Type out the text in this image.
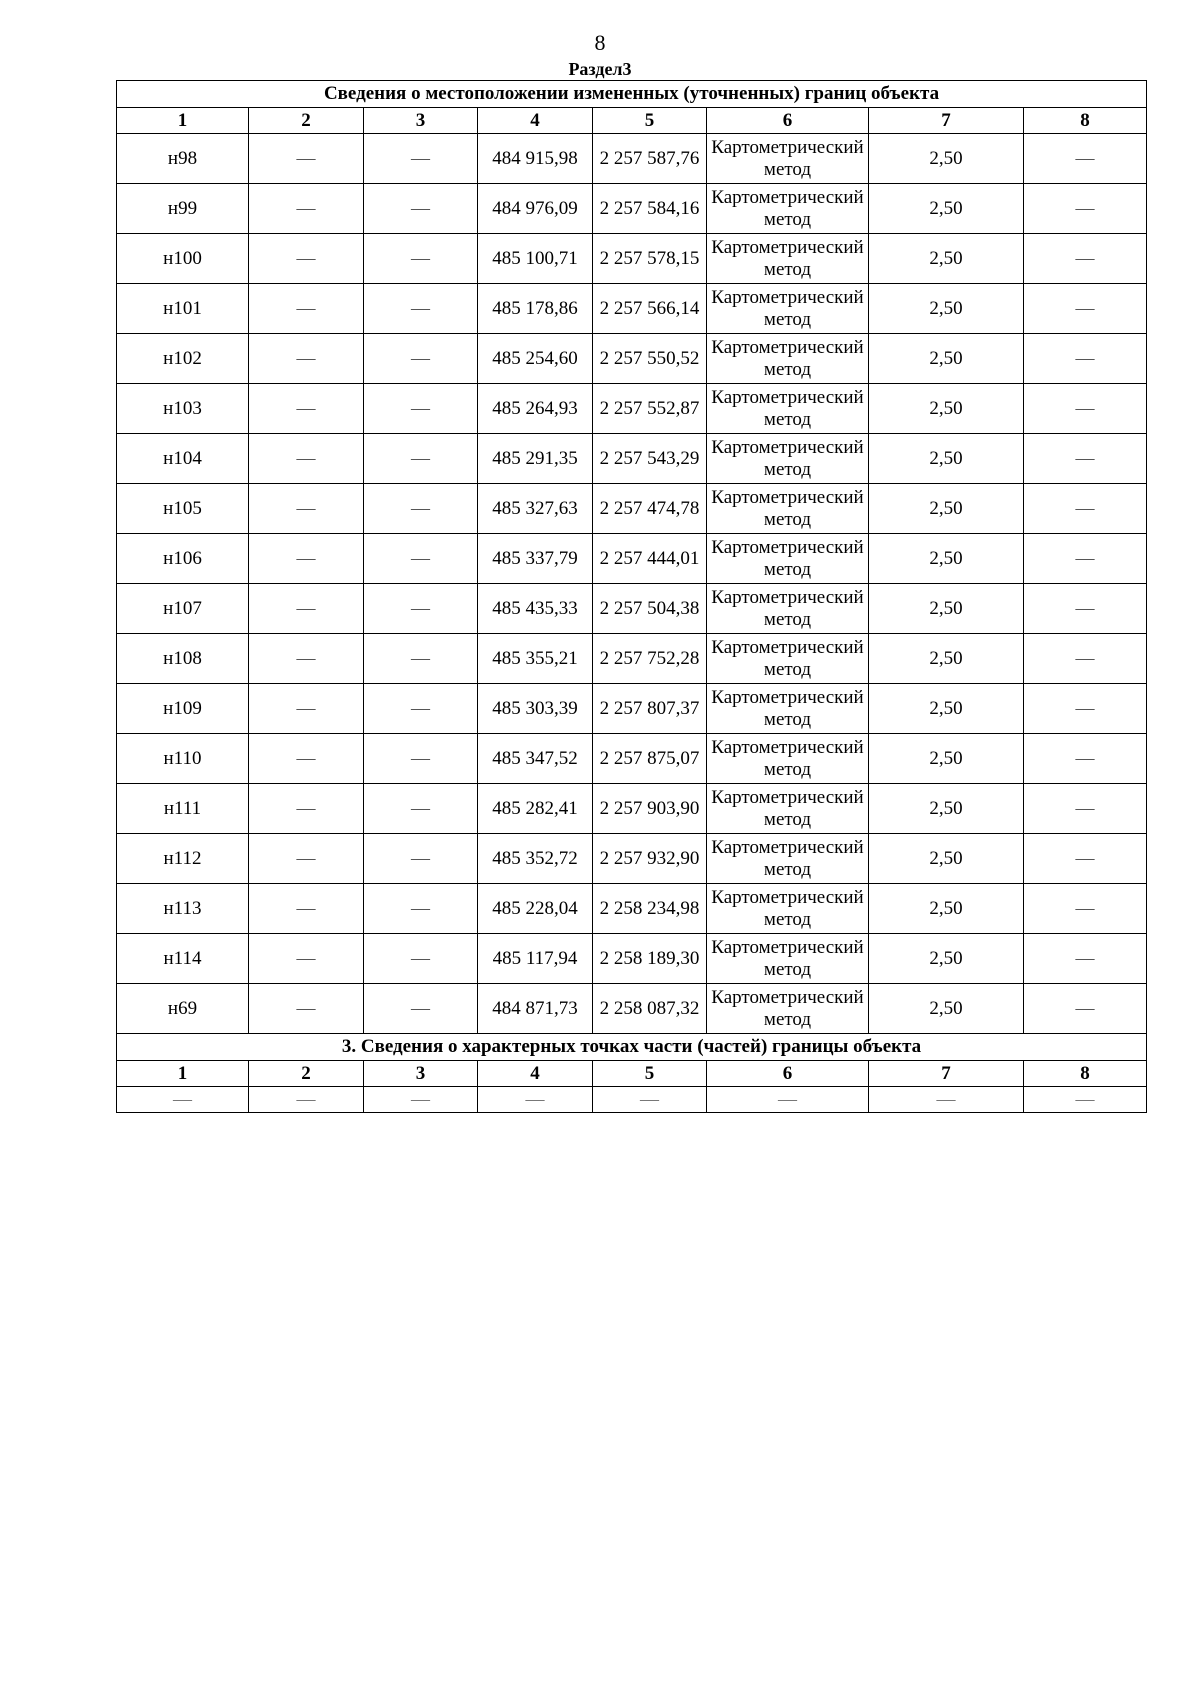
8
Раздел3
Сведения о местоположении измененных (уточненных) границ объекта							
1	2	3	4	5	6	7	8
н98	—	—	484 915,98	2 257 587,76	Картометрический метод	2,50	—
н99	—	—	484 976,09	2 257 584,16	Картометрический метод	2,50	—
н100	—	—	485 100,71	2 257 578,15	Картометрический метод	2,50	—
н101	—	—	485 178,86	2 257 566,14	Картометрический метод	2,50	—
н102	—	—	485 254,60	2 257 550,52	Картометрический метод	2,50	—
н103	—	—	485 264,93	2 257 552,87	Картометрический метод	2,50	—
н104	—	—	485 291,35	2 257 543,29	Картометрический метод	2,50	—
н105	—	—	485 327,63	2 257 474,78	Картометрический метод	2,50	—
н106	—	—	485 337,79	2 257 444,01	Картометрический метод	2,50	—
н107	—	—	485 435,33	2 257 504,38	Картометрический метод	2,50	—
н108	—	—	485 355,21	2 257 752,28	Картометрический метод	2,50	—
н109	—	—	485 303,39	2 257 807,37	Картометрический метод	2,50	—
н110	—	—	485 347,52	2 257 875,07	Картометрический метод	2,50	—
н111	—	—	485 282,41	2 257 903,90	Картометрический метод	2,50	—
н112	—	—	485 352,72	2 257 932,90	Картометрический метод	2,50	—
н113	—	—	485 228,04	2 258 234,98	Картометрический метод	2,50	—
н114	—	—	485 117,94	2 258 189,30	Картометрический метод	2,50	—
н69	—	—	484 871,73	2 258 087,32	Картометрический метод	2,50	—
3. Сведения о характерных точках части (частей) границы объекта							
1	2	3	4	5	6	7	8
—	—	—	—	—	—	—	—
